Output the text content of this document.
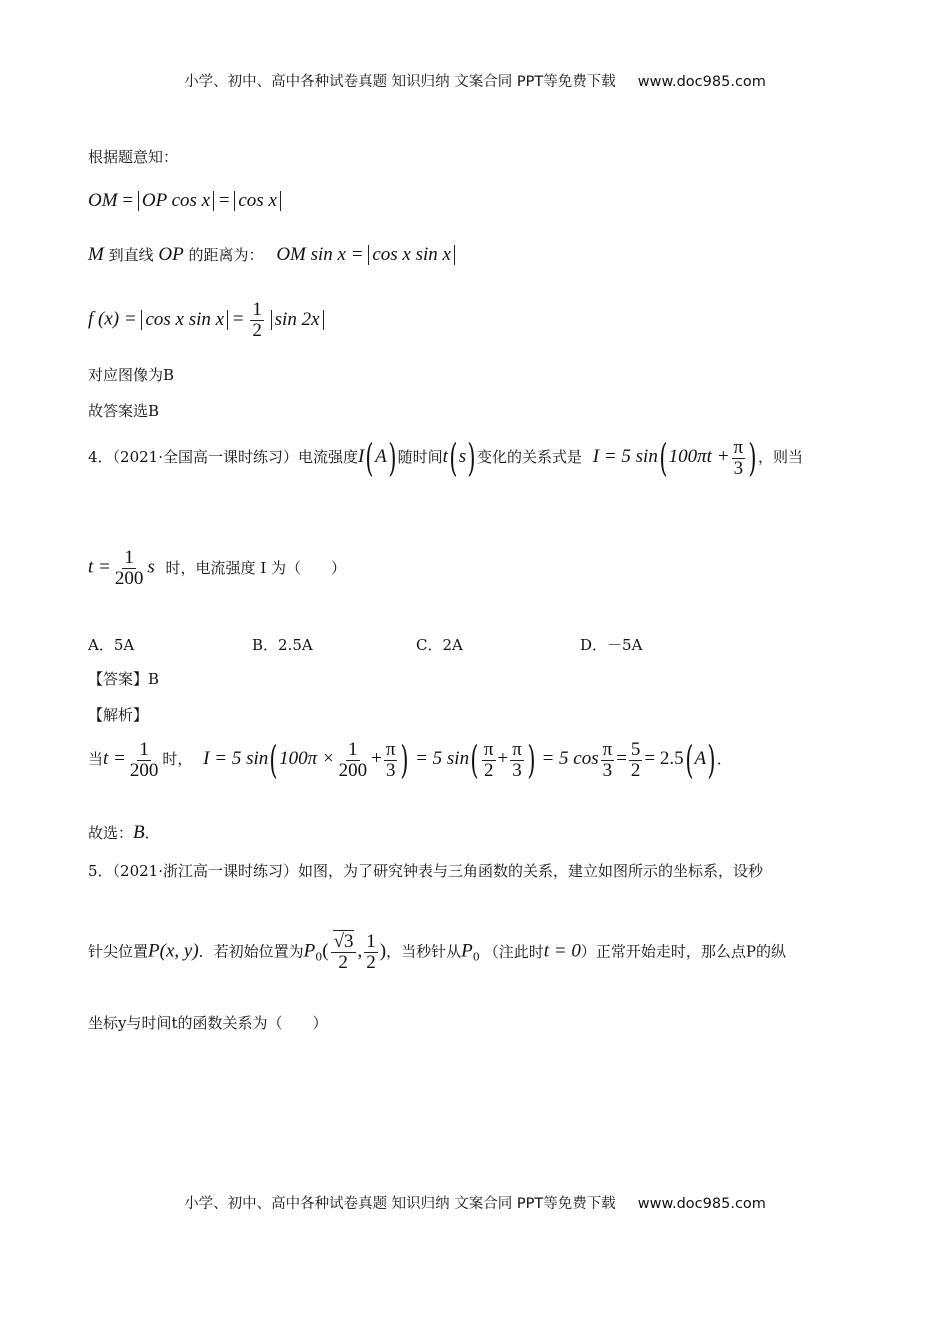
小学、初中、高中各种试卷真题 知识归纳 文案合同 PPT等免费下载 www.doc985.com
根据题意知：
OM = OP cos x = cos x
M 到直线 OP 的距离为： OM sin x = cos x sin x
f (x) = cos x $\sin x = \frac{1}{2}$ sin 2x
对应图像为B
故答案选B
4．（2021·全国高一课时练习）电流强度I(A)随时间t(s)变化的关系式是 I = 5 $\sin(100\pi t + \frac{\pi}{3}$ )，则当
$t = \frac{1}{200}$ s 时，电流强度 I 为（　　）
A．5A	B．2.5A	C．2A	D．－5A
【答案】B
【解析】
当$t = \frac{1}{200}$ 时， I = 5 $\sin(100\pi \times \frac{1}{200} + \frac{\pi}{3}$ ) = 5 $\sin( \frac{\pi}{2} + \frac{\pi}{3}$ ) = 5 $\cos \frac{\pi}{3} = \frac{5}{2} = 2.5(A)$．
故选：B．
5．（2021·浙江高一课时练习）如图，为了研究钟表与三角函数的关系，建立如图所示的坐标系，设秒
针尖位置P(x, y)．若初始位置为$P_0( \frac{√3}{2}$ , $\frac{1}{2}$ )，当秒针从$P_0$ （注此时t = 0）正常开始走时，那么点P的纵
坐标y与时间t的函数关系为（　　）
小学、初中、高中各种试卷真题 知识归纳 文案合同 PPT等免费下载 www.doc985.com
